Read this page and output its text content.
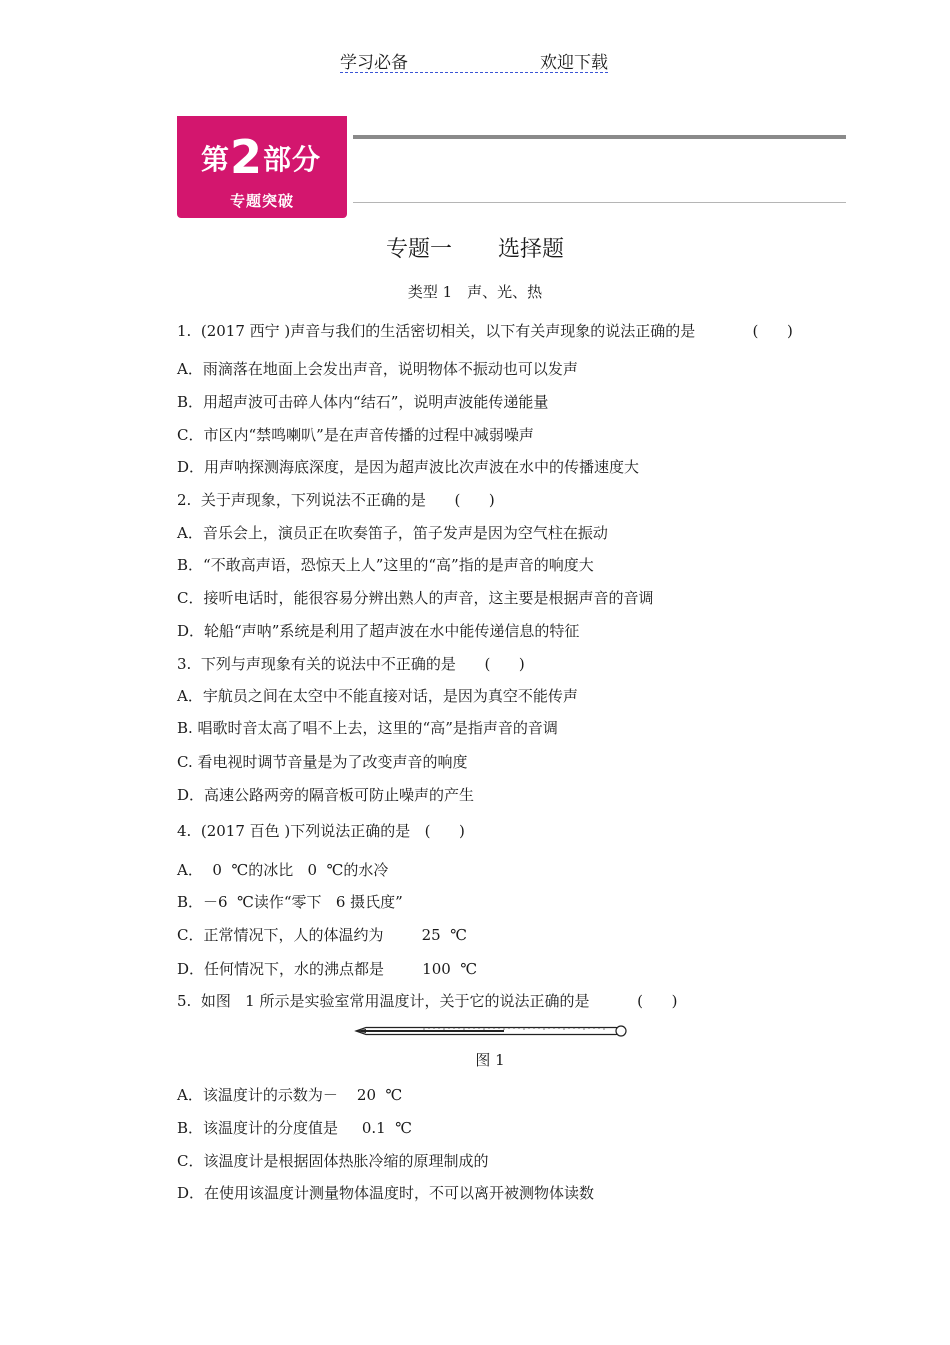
学习必备	欢迎下载
第2部分
专题突破
专题一 选择题
类型 1　声、光、热
1.  (2017 西宁 )声音与我们的生活密切相关，以下有关声现象的说法正确的是            (      )
A．雨滴落在地面上会发出声音，说明物体不振动也可以发声
B．用超声波可击碎人体内“结石”，说明声波能传递能量
C．市区内“禁鸣喇叭”是在声音传播的过程中减弱噪声
D．用声呐探测海底深度，是因为超声波比次声波在水中的传播速度大
2.  关于声现象，下列说法不正确的是      (      )
A．音乐会上，演员正在吹奏笛子，笛子发声是因为空气柱在振动
B．“不敢高声语，恐惊天上人”这里的“高”指的是声音的响度大
C．接听电话时，能很容易分辨出熟人的声音，这主要是根据声音的音调
D．轮船“声呐”系统是利用了超声波在水中能传递信息的特征
3.  下列与声现象有关的说法中不正确的是      (      )
A．宇航员之间在太空中不能直接对话，是因为真空不能传声
B. 唱歌时音太高了唱不上去，这里的“高”是指声音的音调
C. 看电视时调节音量是为了改变声音的响度
D．高速公路两旁的隔音板可防止噪声的产生
4.  (2017 百色 )下列说法正确的是   (      )
A．  0  ℃的冰比   0  ℃的水冷
B．－6  ℃读作“零下   6 摄氏度”
C．正常情况下，人的体温约为        25  ℃
D．任何情况下，水的沸点都是        100  ℃
5.  如图   1 所示是实验室常用温度计，关于它的说法正确的是          (      )
图 1
A．该温度计的示数为－    20  ℃
B．该温度计的分度值是     0.1  ℃
C．该温度计是根据固体热胀冷缩的原理制成的
D．在使用该温度计测量物体温度时，不可以离开被测物体读数
